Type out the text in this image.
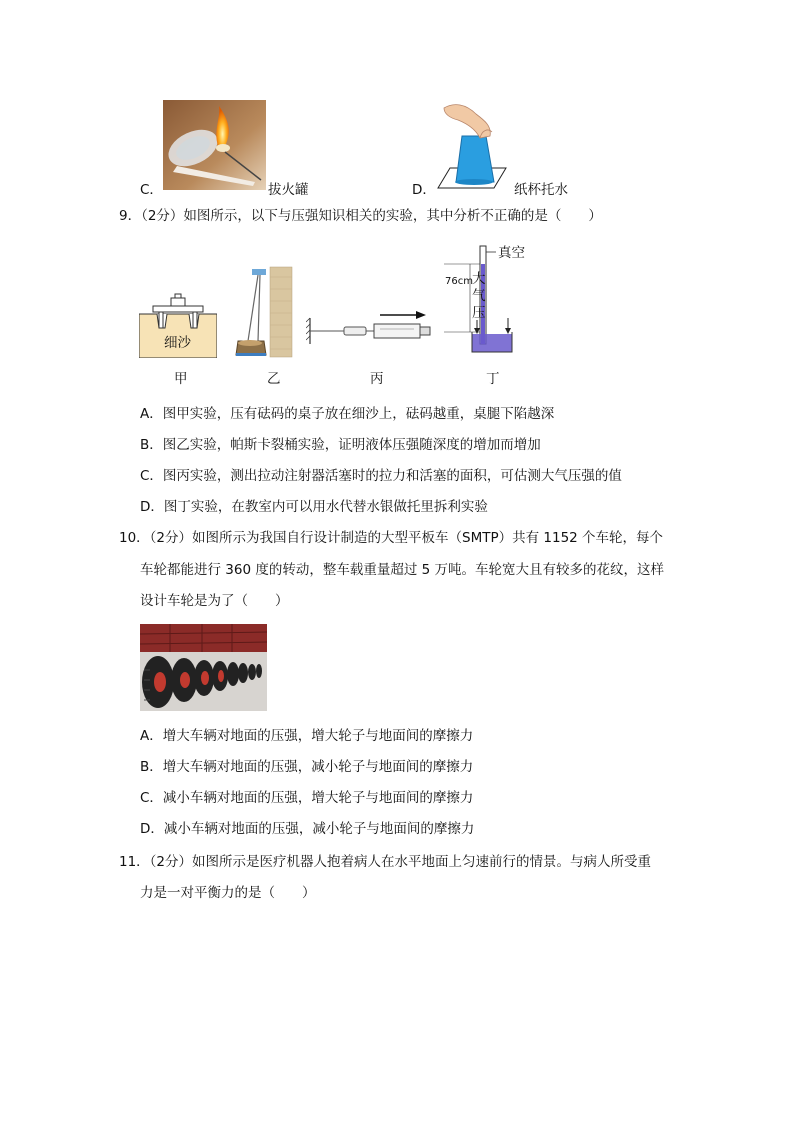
C．	拔火罐	D．	纸杯托水
9．（2分）如图所示，以下与压强知识相关的实验，其中分析不正确的是（　　）
细沙
真空
76cm 大
气
压
甲	乙	丙	丁
A．图甲实验，压有砝码的桌子放在细沙上，砝码越重，桌腿下陷越深
B．图乙实验，帕斯卡裂桶实验，证明液体压强随深度的增加而增加
C．图丙实验，测出拉动注射器活塞时的拉力和活塞的面积，可估测大气压强的值
D．图丁实验，在教室内可以用水代替水银做托里拆利实验
10．（2分）如图所示为我国自行设计制造的大型平板车（SMTP）共有 1152 个车轮，每个
车轮都能进行 360 度的转动，整车载重量超过 5 万吨。车轮宽大且有较多的花纹，这样
设计车轮是为了（　　）
A．增大车辆对地面的压强，增大轮子与地面间的摩擦力
B．增大车辆对地面的压强，减小轮子与地面间的摩擦力
C．减小车辆对地面的压强，增大轮子与地面间的摩擦力
D．减小车辆对地面的压强，减小轮子与地面间的摩擦力
11．（2分）如图所示是医疗机器人抱着病人在水平地面上匀速前行的情景。与病人所受重
力是一对平衡力的是（　　）
